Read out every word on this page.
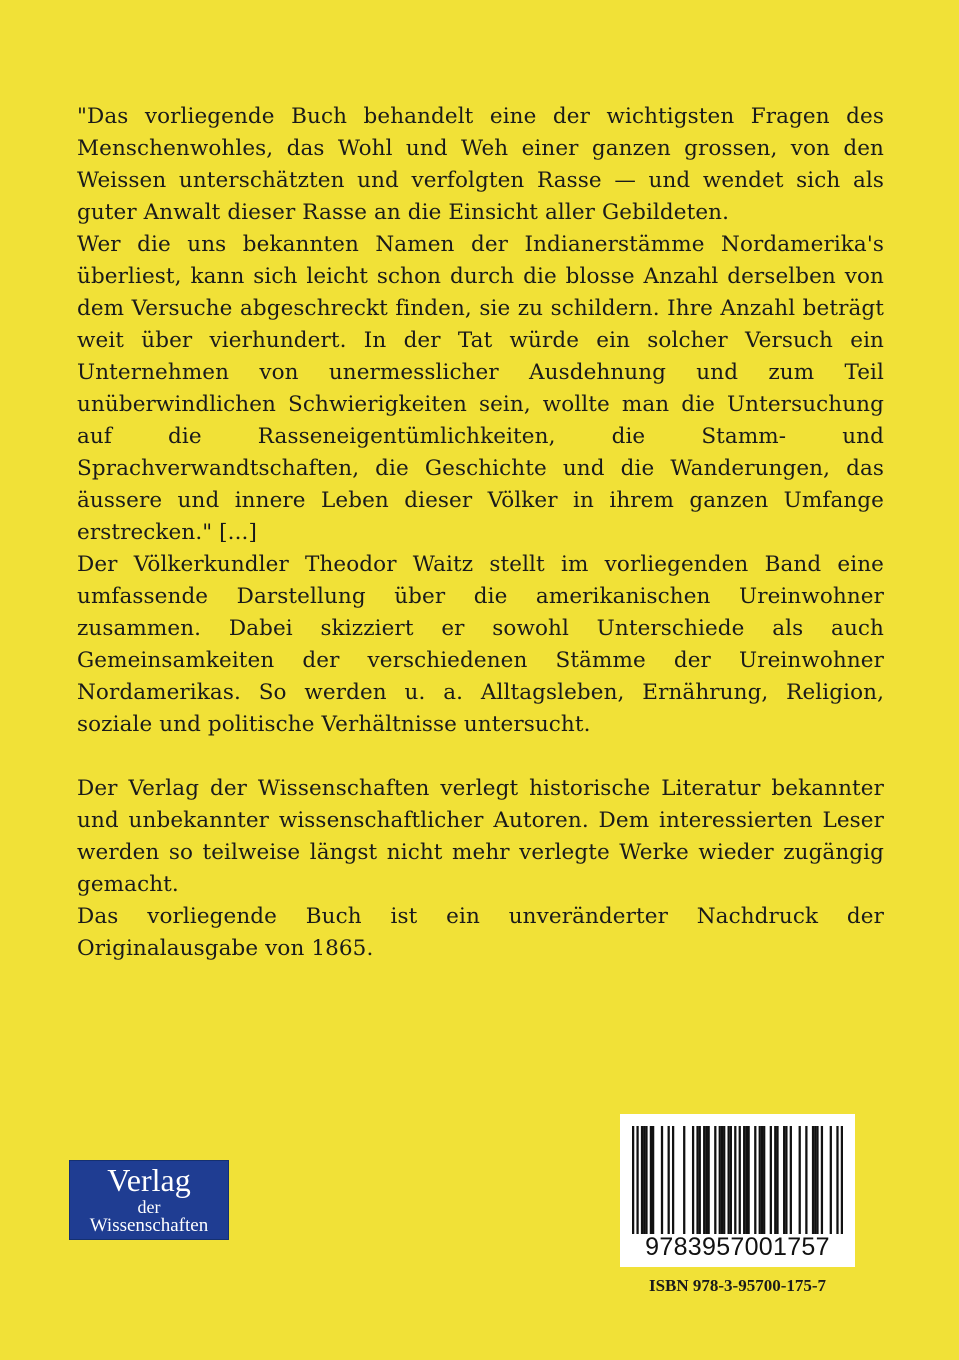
"Das vorliegende Buch behandelt eine der wichtigsten Fragen des Menschenwohles, das Wohl und Weh einer ganzen grossen, von den Weissen unterschätzten und verfolgten Rasse — und wendet sich als guter Anwalt dieser Rasse an die Einsicht aller Gebildeten.

Wer die uns bekannten Namen der Indianerstämme Nordamerika's überliest, kann sich leicht schon durch die blosse Anzahl derselben von dem Versuche abgeschreckt finden, sie zu schildern. Ihre Anzahl beträgt weit über vierhundert. In der Tat würde ein solcher Versuch ein Unternehmen von unermesslicher Ausdehnung und zum Teil unüberwindlichen Schwierigkeiten sein, wollte man die Untersuchung auf die Rasseneigentümlichkeiten, die Stamm- und Sprachverwandtschaften, die Geschichte und die Wanderungen, das äussere und innere Leben dieser Völker in ihrem ganzen Umfange erstrecken." [...]

Der Völkerkundler Theodor Waitz stellt im vorliegenden Band eine umfassende Darstellung über die amerikanischen Ureinwohner zusammen. Dabei skizziert er sowohl Unterschiede als auch Gemeinsamkeiten der verschiedenen Stämme der Ureinwohner Nordamerikas. So werden u. a. Alltagsleben, Ernährung, Religion, soziale und politische Verhältnisse untersucht.

Der Verlag der Wissenschaften verlegt historische Literatur bekannter und unbekannter wissenschaftlicher Autoren. Dem interessierten Leser werden so teilweise längst nicht mehr verlegte Werke wieder zugängig gemacht.

Das vorliegende Buch ist ein unveränderter Nachdruck der Originalausgabe von 1865.

Verlag
der
Wissenschaften
9783957001757
ISBN 978-3-95700-175-7
